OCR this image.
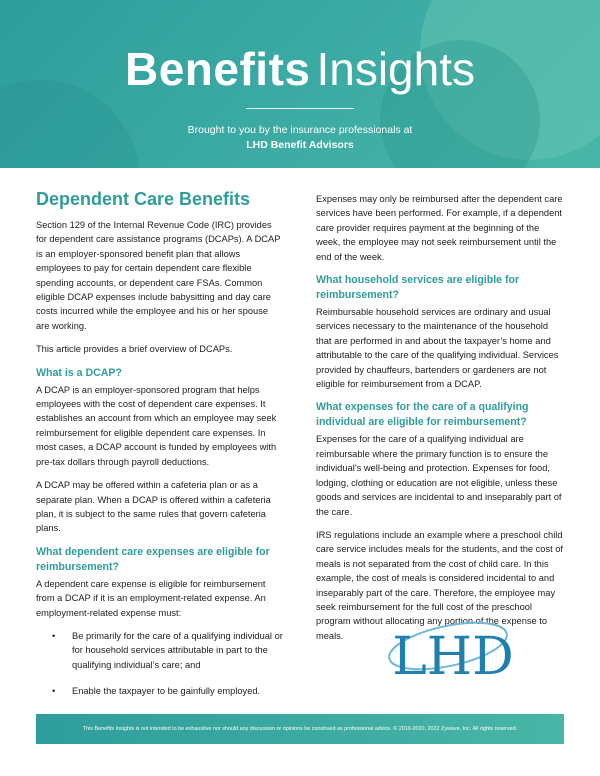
Benefits Insights
Brought to you by the insurance professionals at
LHD Benefit Advisors
Dependent Care Benefits

Section 129 of the Internal Revenue Code (IRC) provides for dependent care assistance programs (DCAPs). A DCAP is an employer-sponsored benefit plan that allows employees to pay for certain dependent care flexible spending accounts, or dependent care FSAs. Common eligible DCAP expenses include babysitting and day care costs incurred while the employee and his or her spouse are working.

This article provides a brief overview of DCAPs.

What is a DCAP?

A DCAP is an employer-sponsored program that helps employees with the cost of dependent care expenses. It establishes an account from which an employee may seek reimbursement for eligible dependent care expenses. In most cases, a DCAP account is funded by employees with pre-tax dollars through payroll deductions.

A DCAP may be offered within a cafeteria plan or as a separate plan. When a DCAP is offered within a cafeteria plan, it is subject to the same rules that govern cafeteria plans.

What dependent care expenses are eligible for reimbursement?

A dependent care expense is eligible for reimbursement from a DCAP if it is an employment-related expense. An employment-related expense must:

• Be primarily for the care of a qualifying individual or for household services attributable in part to the qualifying individual’s care; and
• Enable the taxpayer to be gainfully employed.

Expenses may only be reimbursed after the dependent care services have been performed. For example, if a dependent care provider requires payment at the beginning of the week, the employee may not seek reimbursement until the end of the week.

What household services are eligible for reimbursement?

Reimbursable household services are ordinary and usual services necessary to the maintenance of the household that are performed in and about the taxpayer’s home and attributable to the care of the qualifying individual. Services provided by chauffeurs, bartenders or gardeners are not eligible for reimbursement from a DCAP.

What expenses for the care of a qualifying individual are eligible for reimbursement?

Expenses for the care of a qualifying individual are reimbursable where the primary function is to ensure the individual’s well-being and protection. Expenses for food, lodging, clothing or education are not eligible, unless these goods and services are incidental to and inseparably part of the care.

IRS regulations include an example where a preschool child care service includes meals for the students, and the cost of meals is not separated from the cost of child care. In this example, the cost of meals is considered incidental to and inseparably part of the care. Therefore, the employee may seek reimbursement for the full cost of the preschool program without allocating any portion of the expense to meals. LHD
This Benefits Insights is not intended to be exhaustive nor should any discussion or opinions be construed as professional advice. © 2019-2020, 2022 Zywave, Inc. All rights reserved.
